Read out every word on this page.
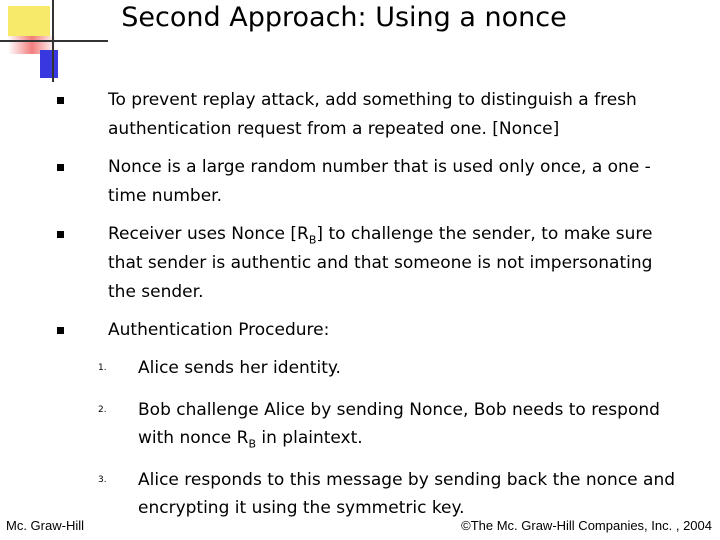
Second Approach: Using a nonce
To prevent replay attack, add something to distinguish a fresh authentication request from a repeated one. [Nonce]
Nonce is a large random number that is used only once, a one -time number.
Receiver uses Nonce $[R_B]$ to challenge the sender, to make sure that sender is authentic and that someone is not impersonating the sender.
Authentication Procedure:
1. Alice sends her identity.
2. Bob challenge Alice by sending Nonce, Bob needs to respond with nonce $R_B$ in plaintext.
3. Alice responds to this message by sending back the nonce and encrypting it using the symmetric key.
Mc. Graw-Hill	©The Mc. Graw-Hill Companies, Inc. , 2004
